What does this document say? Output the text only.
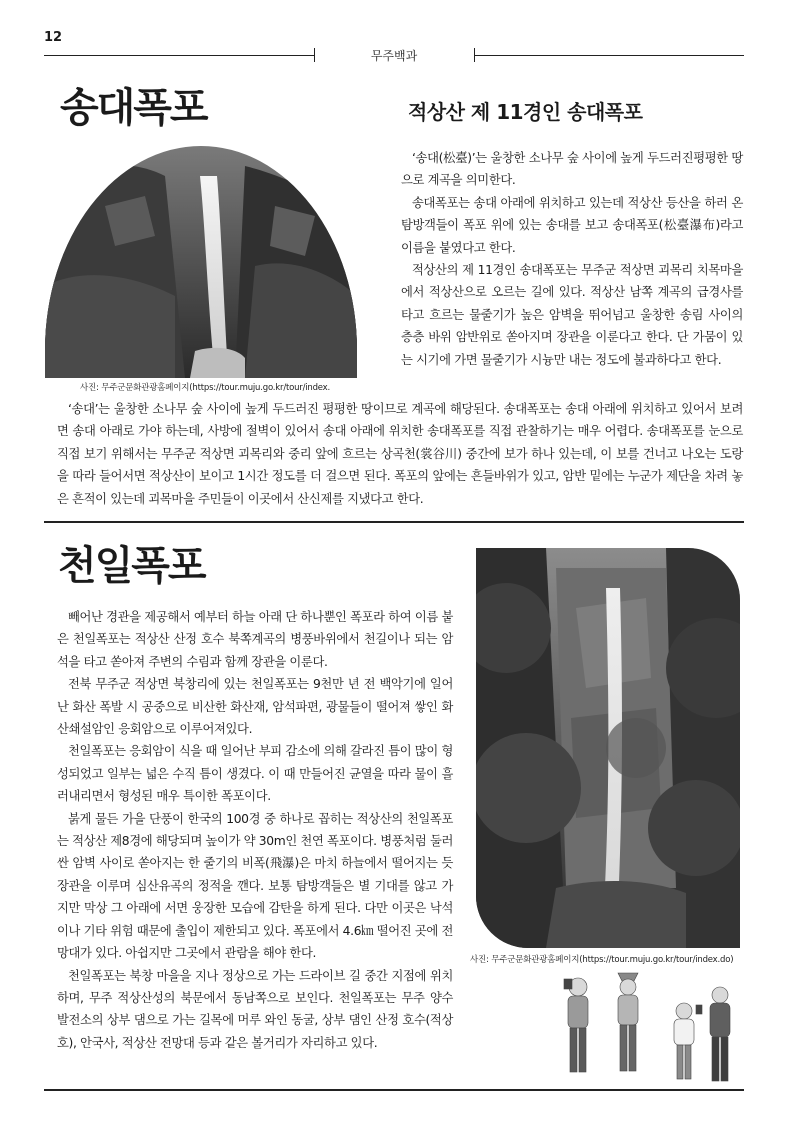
12
무주백과
송대폭포	적상산 제 11경인 송대폭포
사진: 무주군문화관광홈페이지(https://tour.muju.go.kr/tour/index.

‘송대(松臺)’는 울창한 소나무 숲 사이에 높게 두드러진평평한 땅으로 계곡을 의미한다.

송대폭포는 송대 아래에 위치하고 있는데 적상산 등산을 하러 온 탐방객들이 폭포 위에 있는 송대를 보고 송대폭포(松臺瀑布)라고 이름을 붙였다고 한다.

적상산의 제 11경인 송대폭포는 무주군 적상면 괴목리 치목마을에서 적상산으로 오르는 길에 있다. 적상산 남쪽 계곡의 급경사를 타고 흐르는 물줄기가 높은 암벽을 뛰어넘고 울창한 송림 사이의 층층 바위 암반위로 쏟아지며 장관을 이룬다고 한다. 단 가뭄이 있는 시기에 가면 물줄기가 시늉만 내는 정도에 불과하다고 한다.

‘송대’는 울창한 소나무 숲 사이에 높게 두드러진 평평한 땅이므로 계곡에 해당된다. 송대폭포는 송대 아래에 위치하고 있어서 보려면 송대 아래로 가야 하는데, 사방에 절벽이 있어서 송대 아래에 위치한 송대폭포를 직접 관찰하기는 매우 어렵다. 송대폭포를 눈으로 직접 보기 위해서는 무주군 적상면 괴목리와 중리 앞에 흐르는 상곡천(裳谷川) 중간에 보가 하나 있는데, 이 보를 건너고 나오는 도랑을 따라 들어서면 적상산이 보이고 1시간 정도를 더 걸으면 된다. 폭포의 앞에는 흔들바위가 있고, 암반 밑에는 누군가 제단을 차려 놓은 흔적이 있는데 괴목마을 주민들이 이곳에서 산신제를 지냈다고 한다.

천일폭포

빼어난 경관을 제공해서 예부터 하늘 아래 단 하나뿐인 폭포라 하여 이름 붙은 천일폭포는 적상산 산정 호수 북쪽계곡의 병풍바위에서 천길이나 되는 암석을 타고 쏟아져 주변의 수림과 함께 장관을 이룬다.

전북 무주군 적상면 북창리에 있는 천일폭포는 9천만 년 전 백악기에 일어난 화산 폭발 시 공중으로 비산한 화산재, 암석파편, 광물들이 떨어져 쌓인 화산쇄설암인 응회암으로 이루어져있다.

천일폭포는 응회암이 식을 때 일어난 부피 감소에 의해 갈라진 틈이 많이 형성되었고 일부는 넓은 수직 틈이 생겼다. 이 때 만들어진 균열을 따라 물이 흘러내리면서 형성된 매우 특이한 폭포이다.

붉게 물든 가을 단풍이 한국의 100경 중 하나로 꼽히는 적상산의 천일폭포는 적상산 제8경에 해당되며 높이가 약 30m인 천연 폭포이다. 병풍처럼 둘러싼 암벽 사이로 쏟아지는 한 줄기의 비폭(飛瀑)은 마치 하늘에서 떨어지는 듯 장관을 이루며 심산유곡의 정적을 깬다. 보통 탐방객들은 별 기대를 않고 가지만 막상 그 아래에 서면 웅장한 모습에 감탄을 하게 된다. 다만 이곳은 낙석이나 기타 위험 때문에 출입이 제한되고 있다. 폭포에서 4.6㎞ 떨어진 곳에 전망대가 있다. 아쉽지만 그곳에서 관람을 해야 한다.

천일폭포는 북창 마을을 지나 정상으로 가는 드라이브 길 중간 지점에 위치하며, 무주 적상산성의 북문에서 동남쪽으로 보인다. 천일폭포는 무주 양수 발전소의 상부 댐으로 가는 길목에 머루 와인 동굴, 상부 댐인 산정 호수(적상호), 안국사, 적상산 전망대 등과 같은 볼거리가 자리하고 있다.

사진: 무주군문화관광홈페이지(https://tour.muju.go.kr/tour/index.do)
